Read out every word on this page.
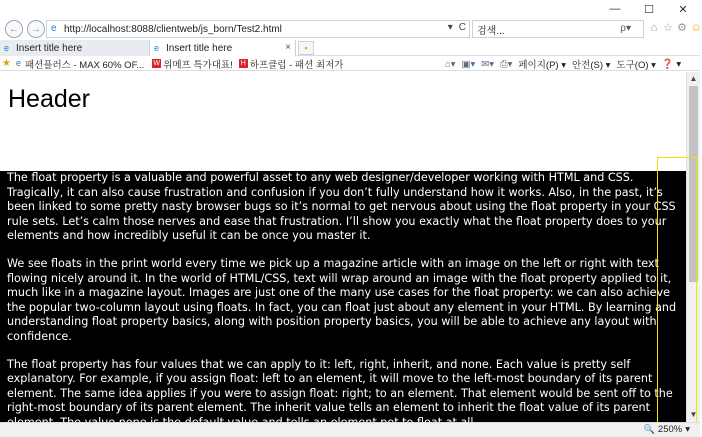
—	☐	✕
← → e http://localhost:8088/clientweb/js_born/Test2.html	▾ C 검색...	ρ▾ ⌂ ☆ ⚙ ☺
e Insert title here	e Insert title here	×	▪
★ e 패션플러스 - MAX 60% OF... W 위메프 특가대표! H 하프클럽 - 패션 최저가	⌂▾ ▣▾ ✉▾ ⎙▾ 페이지(P) ▾ 안전(S) ▾ 도구(O) ▾ ❓ ▾
Header

The float property is a valuable and powerful asset to any web designer/developer working with HTML and CSS. Tragically, it can also cause frustration and confusion if you don’t fully understand how it works. Also, in the past, it’s been linked to some pretty nasty browser bugs so it’s normal to get nervous about using the float property in your CSS rule sets. Let’s calm those nerves and ease that frustration. I’ll show you exactly what the float property does to your elements and how incredibly useful it can be once you master it.

We see floats in the print world every time we pick up a magazine article with an image on the left or right with text flowing nicely around it. In the world of HTML/CSS, text will wrap around an image with the float property applied to it, much like in a magazine layout. Images are just one of the many use cases for the float property: we can also achieve the popular two-column layout using floats. In fact, you can float just about any element in your HTML. By learning and understanding float property basics, along with position property basics, you will be able to achieve any layout with confidence.

The float property has four values that we can apply to it: left, right, inherit, and none. Each value is pretty self explanatory. For example, if you assign float: left to an element, it will move to the left-most boundary of its parent element. The same idea applies if you were to assign float: right; to an element. That element would be sent off to the right-most boundary of its parent element. The inherit value tells an element to inherit the float value of its parent

▲
▼
🔍 250% ▾
